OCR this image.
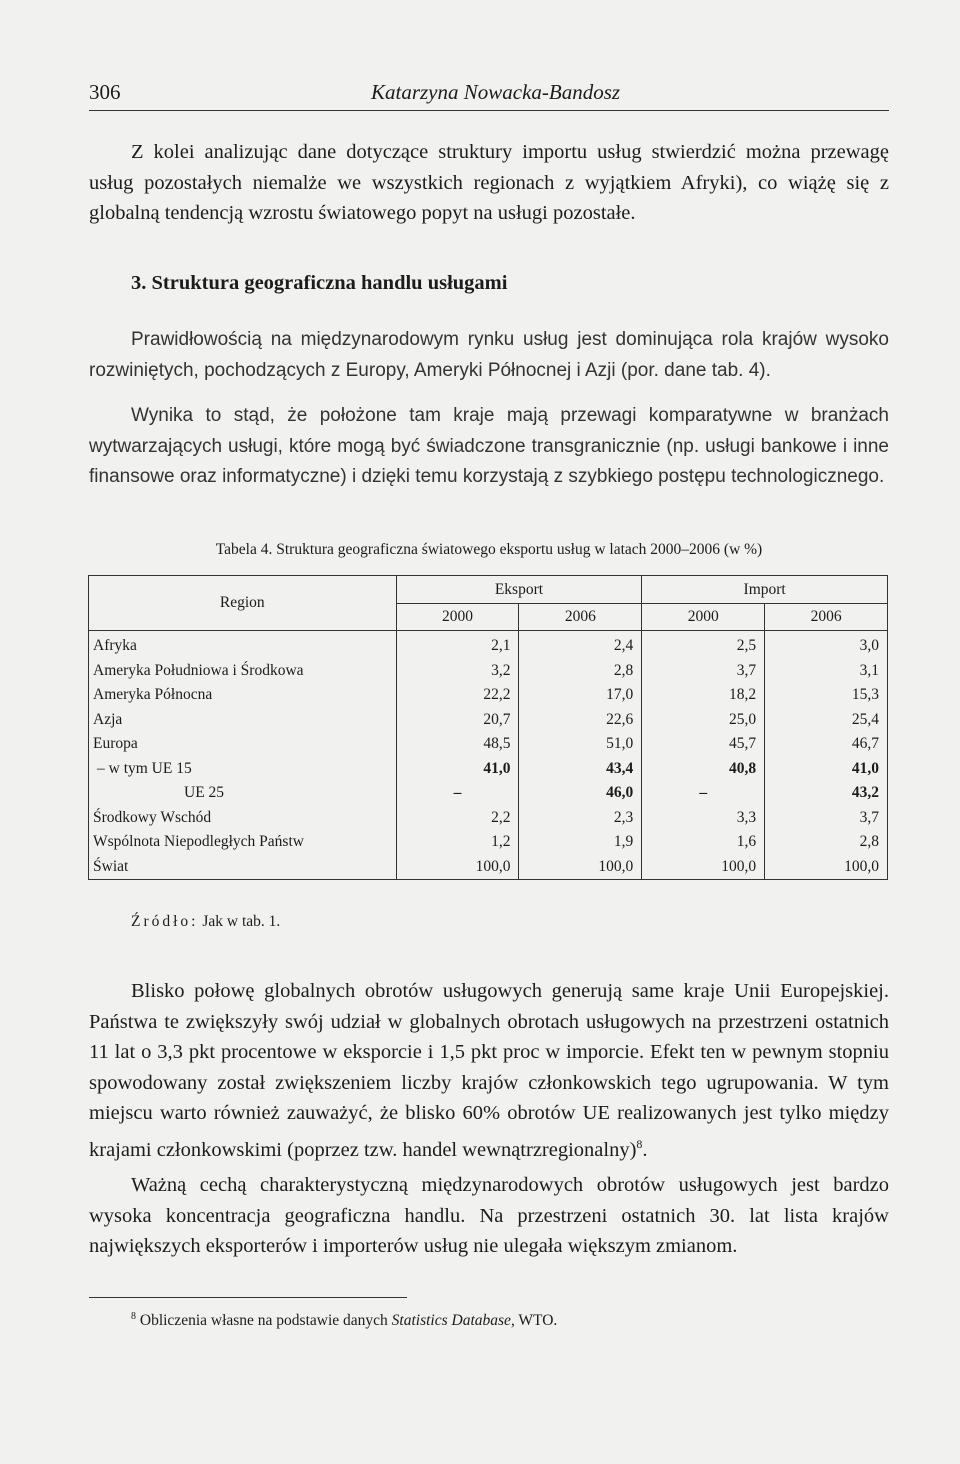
306	Katarzyna Nowacka-Bandosz

Z kolei analizując dane dotyczące struktury importu usług stwierdzić można przewagę usług pozostałych niemalże we wszystkich regionach z wyjątkiem Afryki), co wiążę się z globalną tendencją wzrostu światowego popyt na usługi pozostałe.

3. Struktura geograficzna handlu usługami

Prawidłowością na międzynarodowym rynku usług jest dominująca rola krajów wysoko rozwiniętych, pochodzących z Europy, Ameryki Północnej i Azji (por. dane tab. 4).

Wynika to stąd, że położone tam kraje mają przewagi komparatywne w branżach wytwarzających usługi, które mogą być świadczone transgranicznie (np. usługi bankowe i inne finansowe oraz informatyczne) i dzięki temu korzystają z szybkiego postępu technologicznego.

Tabela 4. Struktura geograficzna światowego eksportu usług w latach 2000–2006 (w %)
Region	Eksport		Import	
	2000	2006	2000	2006
Afryka	2,1	2,4	2,5	3,0
Ameryka Południowa i Środkowa	3,2	2,8	3,7	3,1
Ameryka Północna	22,2	17,0	18,2	15,3
Azja	20,7	22,6	25,0	25,4
Europa	48,5	51,0	45,7	46,7
– w tym UE 15	41,0	43,4	40,8	41,0
UE 25	–	46,0	–	43,2
Środkowy Wschód	2,2	2,3	3,3	3,7
Wspólnota Niepodległych Państw	1,2	1,9	1,6	2,8
Świat	100,0	100,0	100,0	100,0
Źródło: Jak w tab. 1.

Blisko połowę globalnych obrotów usługowych generują same kraje Unii Europejskiej. Państwa te zwiększyły swój udział w globalnych obrotach usługowych na przestrzeni ostatnich 11 lat o 3,3 pkt procentowe w eksporcie i 1,5 pkt proc w imporcie. Efekt ten w pewnym stopniu spowodowany został zwiększeniem liczby krajów członkowskich tego ugrupowania. W tym miejscu warto również zauważyć, że blisko 60% obrotów UE realizowanych jest tylko między krajami członkowskimi (poprzez tzw. handel wewnątrzregionalny)$^8$.

Ważną cechą charakterystyczną międzynarodowych obrotów usługowych jest bardzo wysoka koncentracja geograficzna handlu. Na przestrzeni ostatnich 30. lat lista krajów największych eksporterów i importerów usług nie ulegała większym zmianom.

$^8$ Obliczenia własne na podstawie danych Statistics Database, WTO.
